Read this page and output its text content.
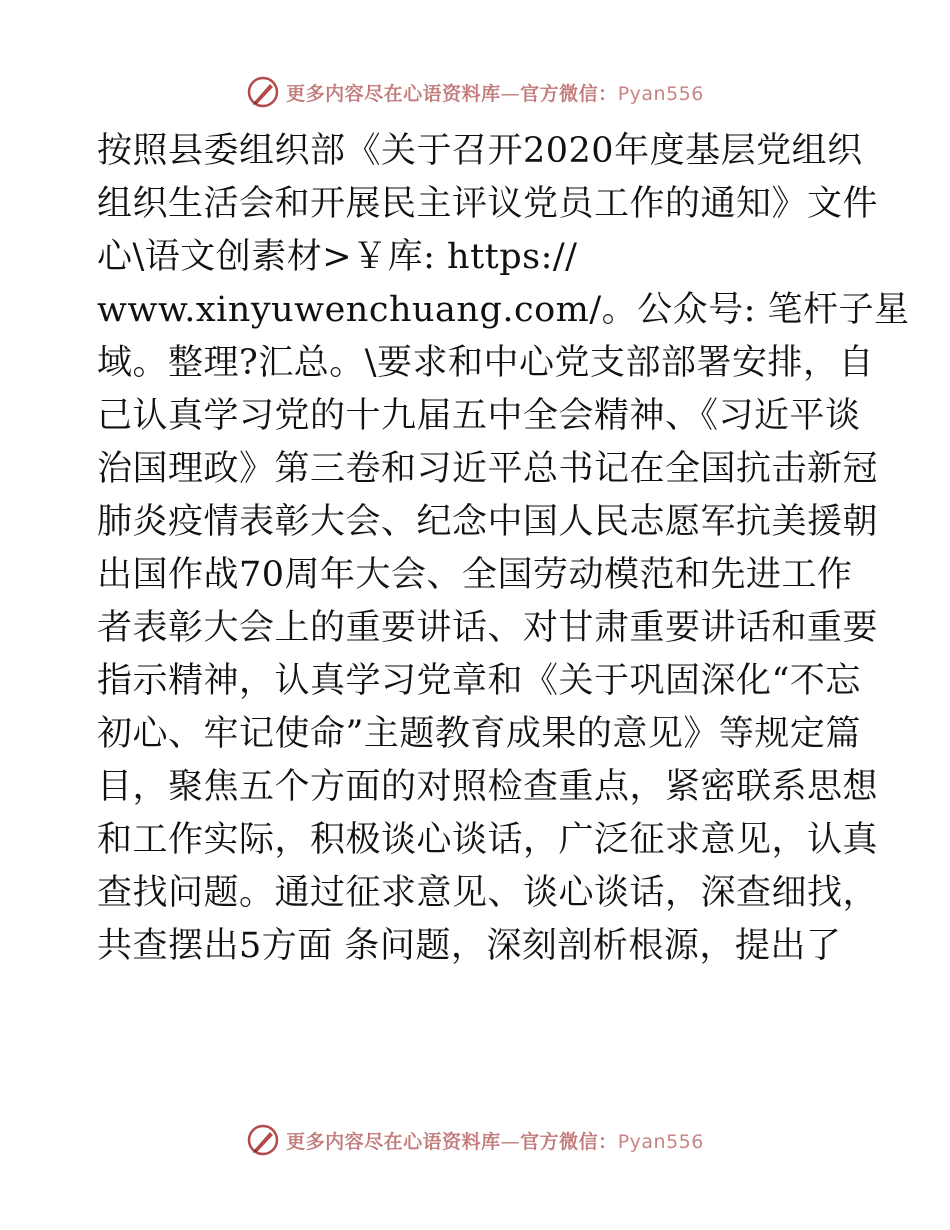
更多内容尽在心语资料库—官方微信：Pyan556
按照县委组织部《关于召开2020年度基层党组织
组织生活会和开展民主评议党员工作的通知》文件
心\语文创素材>￥库: https://
www.xinyuwenchuang.com/。公众号: 笔杆子星
域。整理?汇总。\要求和中心党支部部署安排，自
己认真学习党的十九届五中全会精神、《习近平谈
治国理政》第三卷和习近平总书记在全国抗击新冠
肺炎疫情表彰大会、纪念中国人民志愿军抗美援朝
出国作战70周年大会、全国劳动模范和先进工作
者表彰大会上的重要讲话、对甘肃重要讲话和重要
指示精神，认真学习党章和《关于巩固深化“不忘
初心、牢记使命”主题教育成果的意见》等规定篇
目，聚焦五个方面的对照检查重点，紧密联系思想
和工作实际，积极谈心谈话，广泛征求意见，认真
查找问题。通过征求意见、谈心谈话，深查细找，
共查摆出5方面 条问题，深刻剖析根源，提出了
更多内容尽在心语资料库—官方微信：Pyan556
